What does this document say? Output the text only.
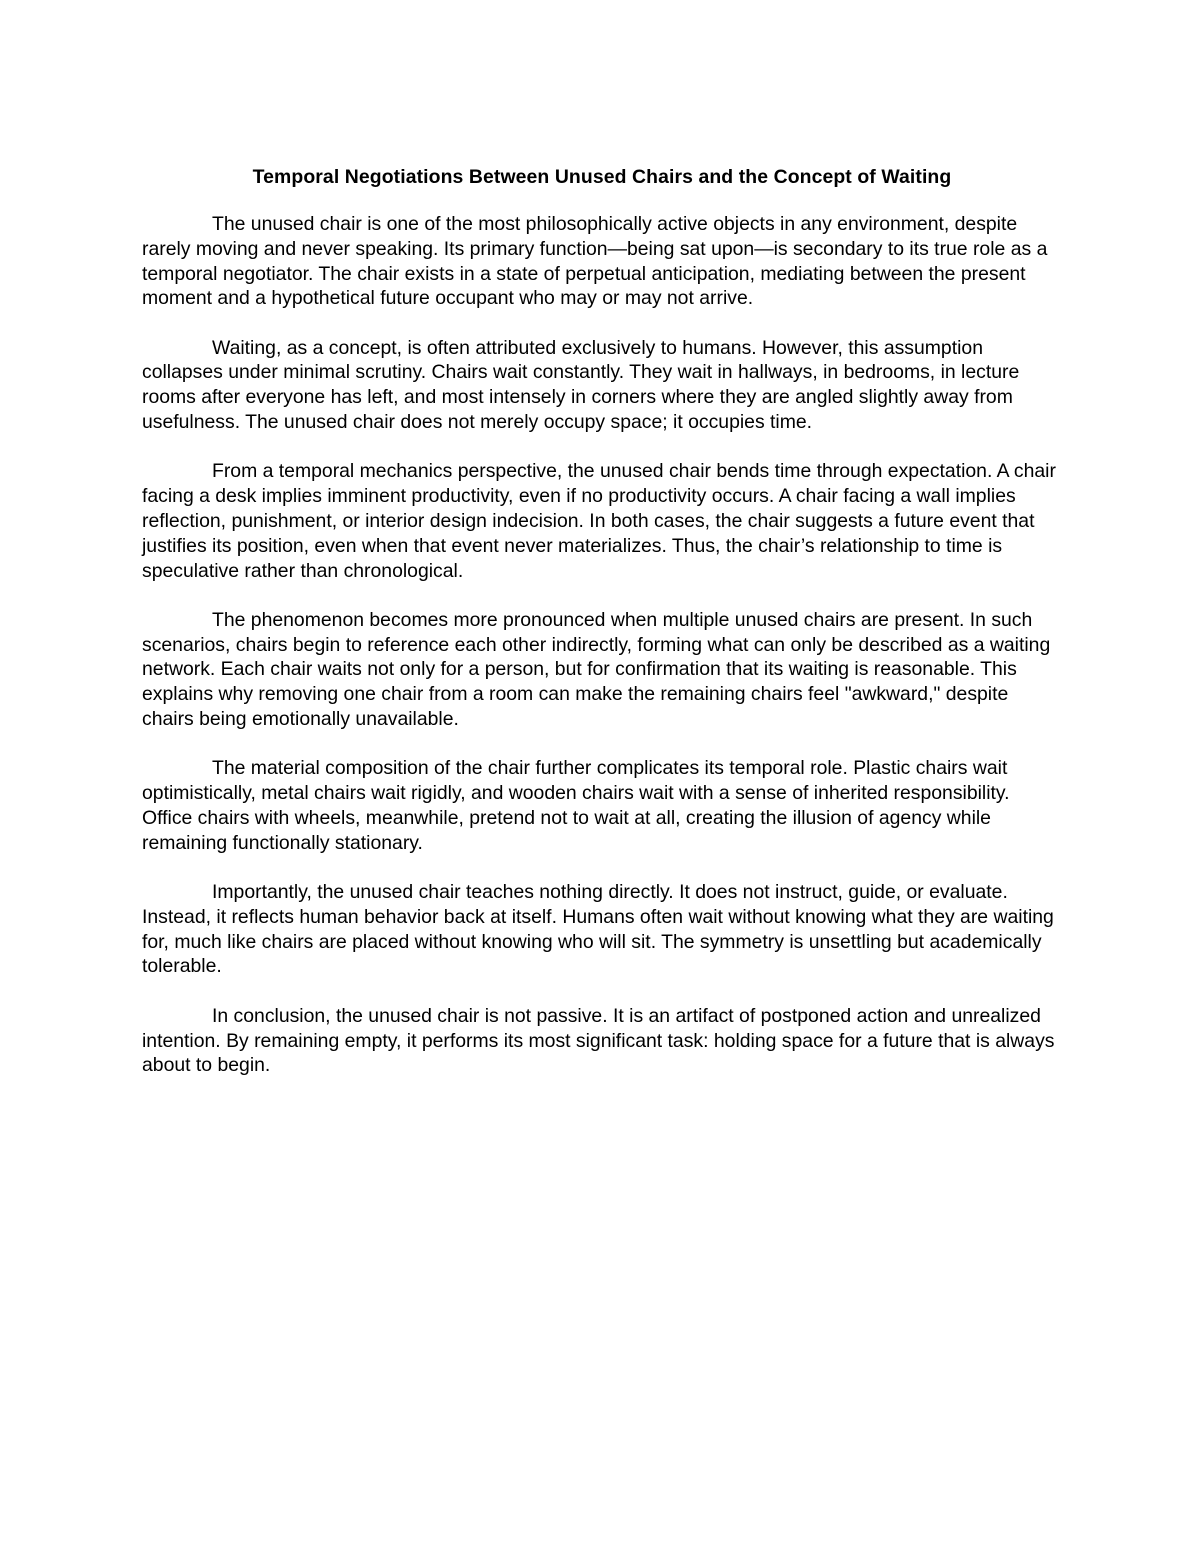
Temporal Negotiations Between Unused Chairs and the Concept of Waiting

The unused chair is one of the most philosophically active objects in any environment, despite rarely moving and never speaking. Its primary function—being sat upon—is secondary to its true role as a temporal negotiator. The chair exists in a state of perpetual anticipation, mediating between the present moment and a hypothetical future occupant who may or may not arrive.

Waiting, as a concept, is often attributed exclusively to humans. However, this assumption collapses under minimal scrutiny. Chairs wait constantly. They wait in hallways, in bedrooms, in lecture rooms after everyone has left, and most intensely in corners where they are angled slightly away from usefulness. The unused chair does not merely occupy space; it occupies time.

From a temporal mechanics perspective, the unused chair bends time through expectation. A chair facing a desk implies imminent productivity, even if no productivity occurs. A chair facing a wall implies reflection, punishment, or interior design indecision. In both cases, the chair suggests a future event that justifies its position, even when that event never materializes. Thus, the chair’s relationship to time is speculative rather than chronological.

The phenomenon becomes more pronounced when multiple unused chairs are present. In such scenarios, chairs begin to reference each other indirectly, forming what can only be described as a waiting network. Each chair waits not only for a person, but for confirmation that its waiting is reasonable. This explains why removing one chair from a room can make the remaining chairs feel "awkward," despite chairs being emotionally unavailable.

The material composition of the chair further complicates its temporal role. Plastic chairs wait optimistically, metal chairs wait rigidly, and wooden chairs wait with a sense of inherited responsibility. Office chairs with wheels, meanwhile, pretend not to wait at all, creating the illusion of agency while remaining functionally stationary.

Importantly, the unused chair teaches nothing directly. It does not instruct, guide, or evaluate. Instead, it reflects human behavior back at itself. Humans often wait without knowing what they are waiting for, much like chairs are placed without knowing who will sit. The symmetry is unsettling but academically tolerable.

In conclusion, the unused chair is not passive. It is an artifact of postponed action and unrealized intention. By remaining empty, it performs its most significant task: holding space for a future that is always about to begin.
